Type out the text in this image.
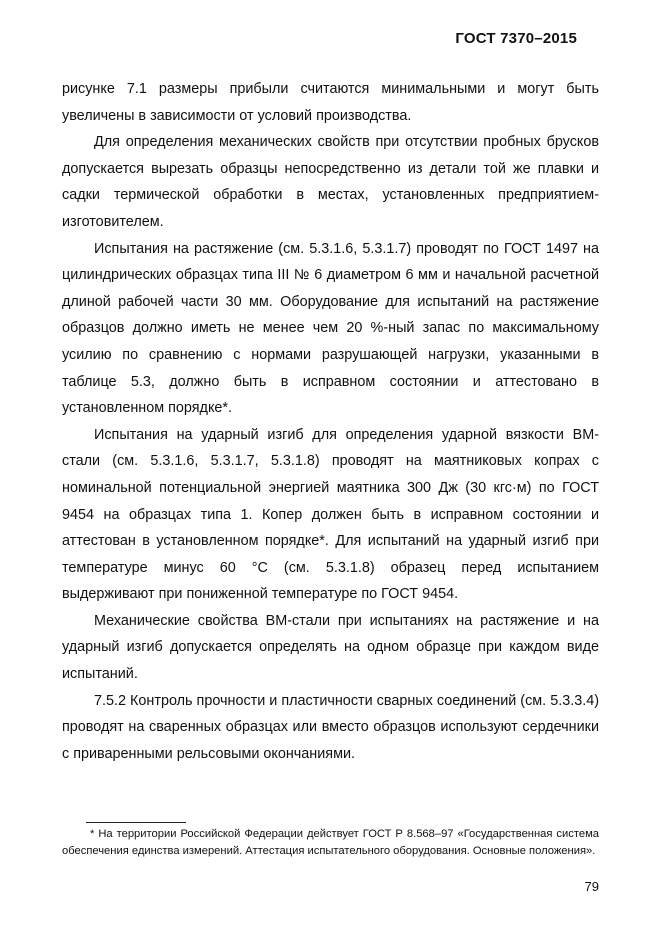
ГОСТ 7370–2015

рисунке 7.1 размеры прибыли считаются минимальными и могут быть увеличены в зависимости от условий производства.

Для определения механических свойств при отсутствии пробных брусков допускается вырезать образцы непосредственно из детали той же плавки и садки термической обработки в местах, установленных предприятием-изготовителем.

Испытания на растяжение (см. 5.3.1.6, 5.3.1.7) проводят по ГОСТ 1497 на цилиндрических образцах типа III № 6 диаметром 6 мм и начальной расчетной длиной рабочей части 30 мм. Оборудование для испытаний на растяжение образцов должно иметь не менее чем 20 %-ный запас по максимальному усилию по сравнению с нормами разрушающей нагрузки, указанными в таблице 5.3, должно быть в исправном состоянии и аттестовано в установленном порядке*.

Испытания на ударный изгиб для определения ударной вязкости ВМ-стали (см. 5.3.1.6, 5.3.1.7, 5.3.1.8) проводят на маятниковых копрах с номинальной потенциальной энергией маятника 300 Дж (30 кгс·м) по ГОСТ 9454 на образцах типа 1. Копер должен быть в исправном состоянии и аттестован в установленном порядке*. Для испытаний на ударный изгиб при температуре минус 60 °С (см. 5.3.1.8) образец перед испытанием выдерживают при пониженной температуре по ГОСТ 9454.

Механические свойства ВМ-стали при испытаниях на растяжение и на ударный изгиб допускается определять на одном образце при каждом виде испытаний.

7.5.2 Контроль прочности и пластичности сварных соединений (см. 5.3.3.4) проводят на сваренных образцах или вместо образцов используют сердечники с приваренными рельсовыми окончаниями.

* На территории Российской Федерации действует ГОСТ Р 8.568–97 «Государственная система обеспечения единства измерений. Аттестация испытательного оборудования. Основные положения».
79
